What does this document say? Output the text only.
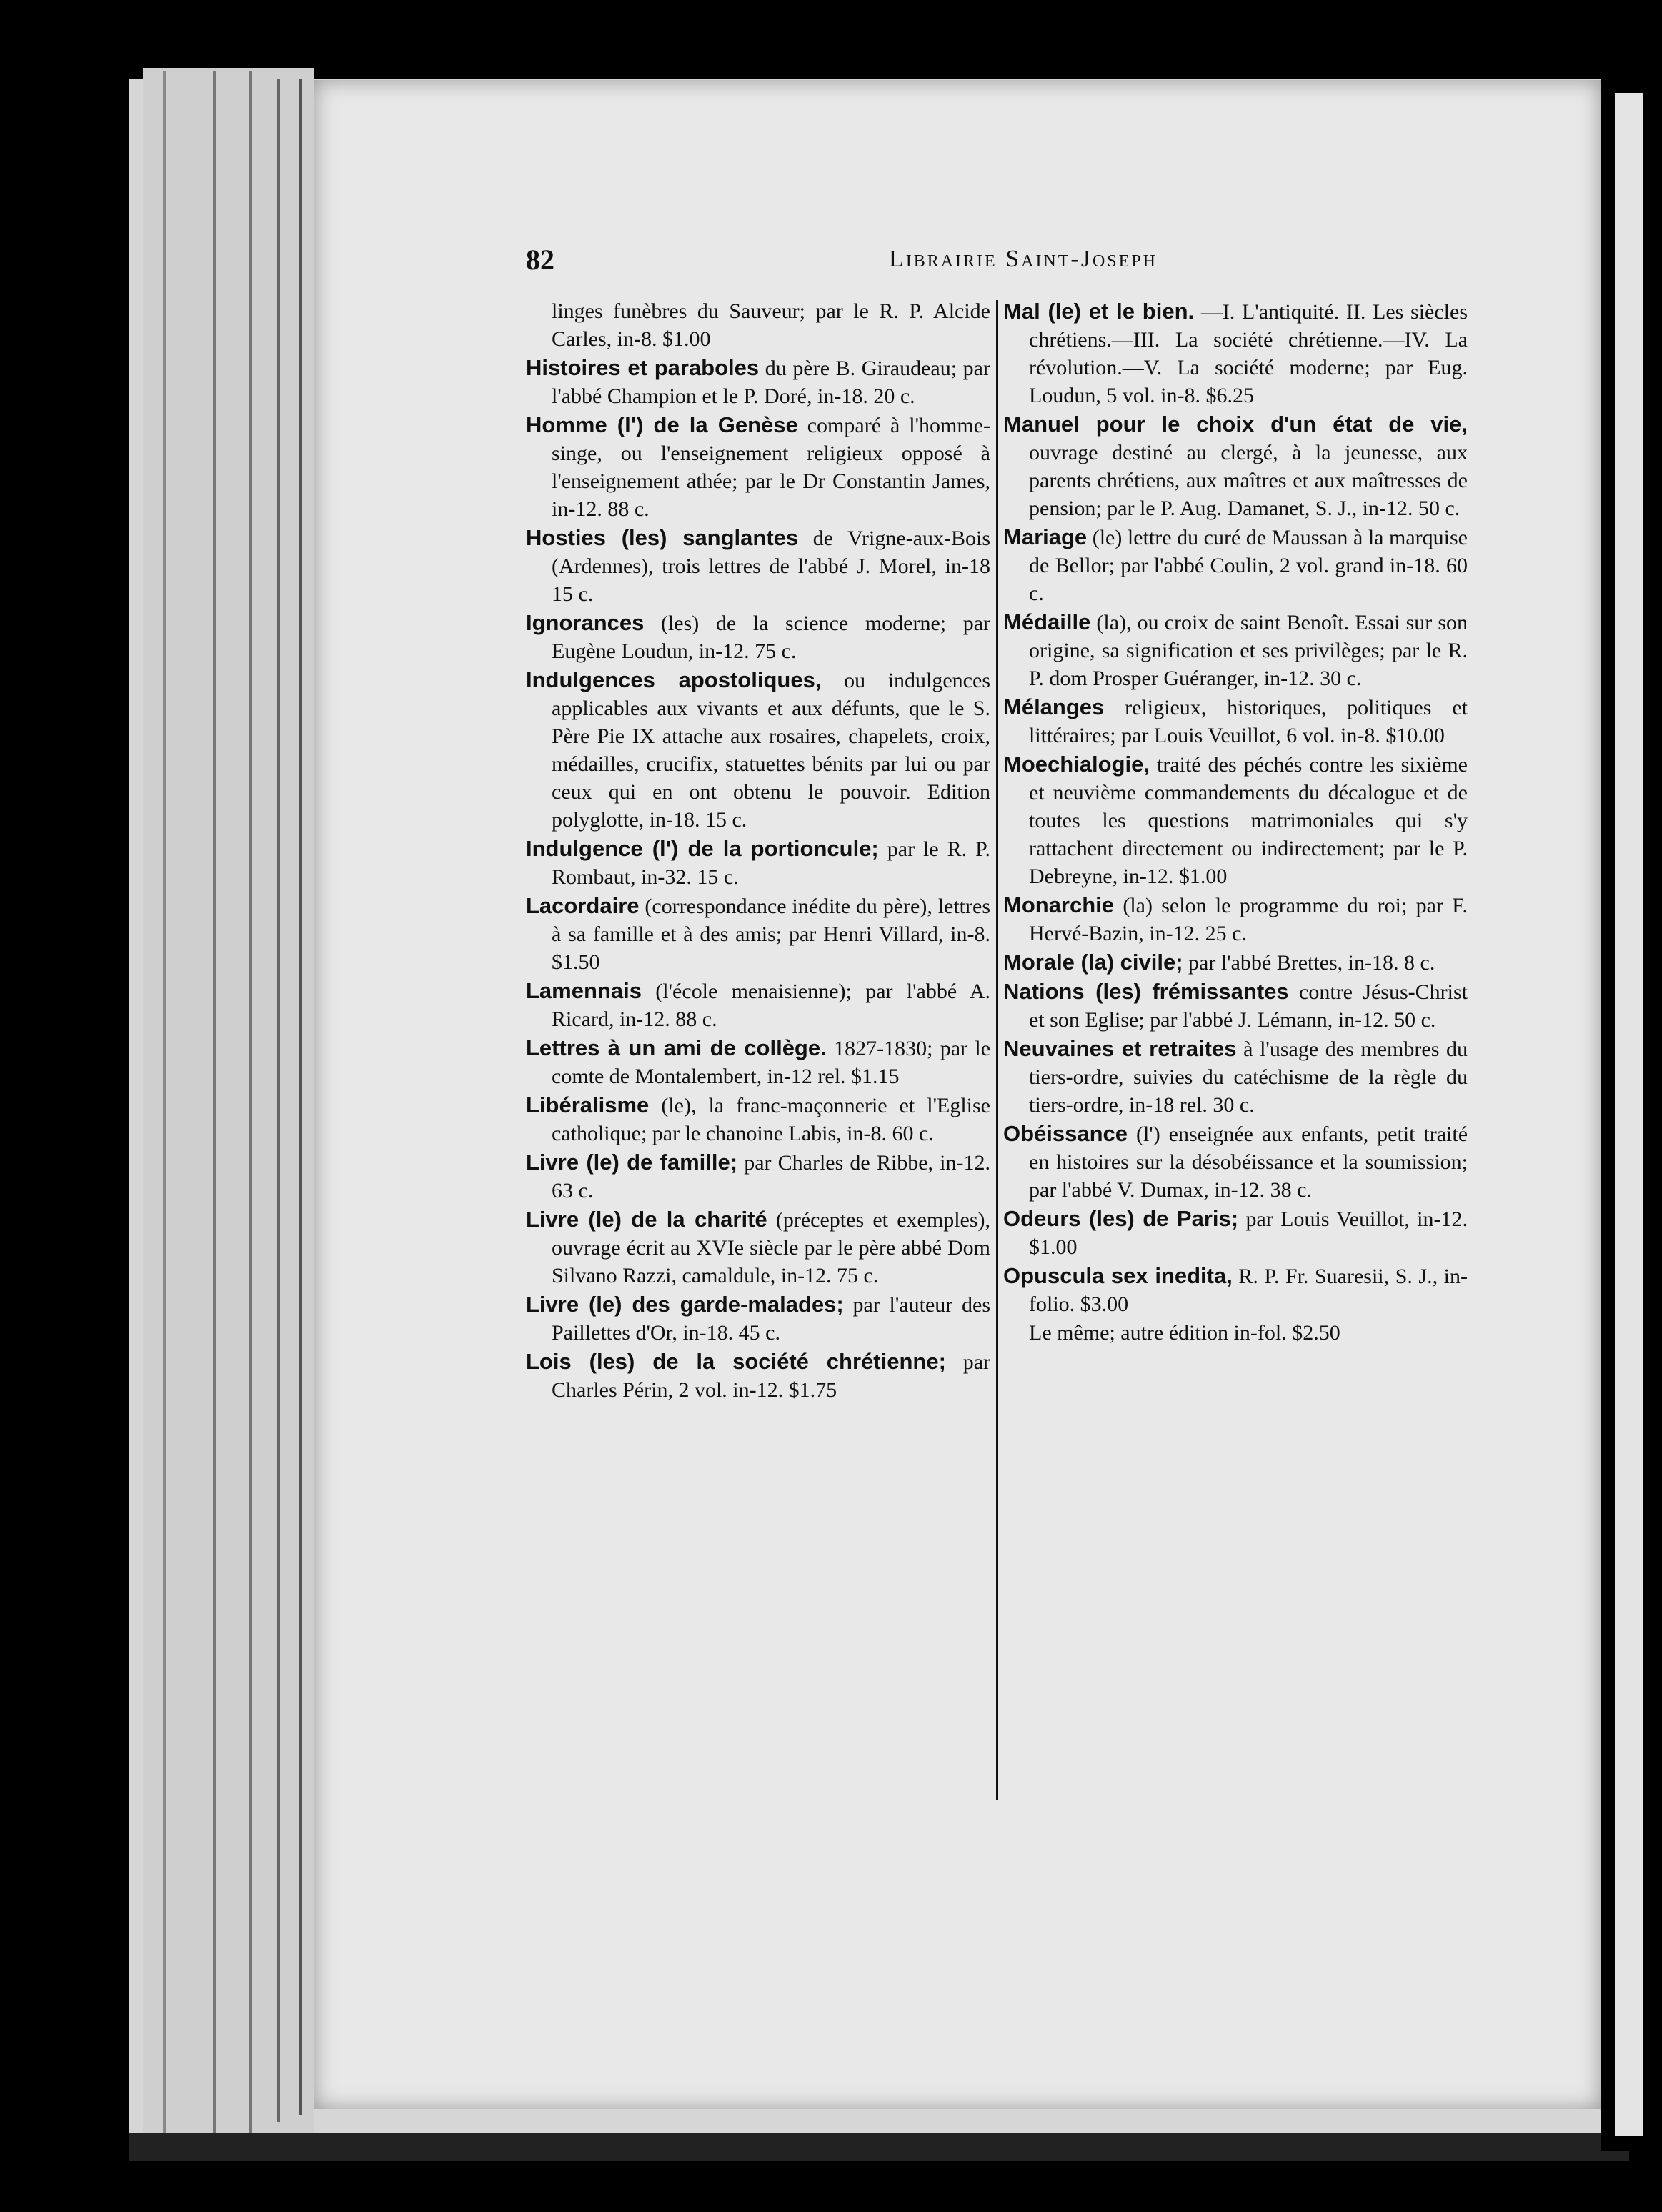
82	Librairie Saint-Joseph

linges funèbres du Sauveur; par le R. P. Alcide Carles, in-8. $1.00

Histoires et paraboles du père B. Giraudeau; par l'abbé Champion et le P. Doré, in-18. 20 c.

Homme (l') de la Genèse comparé à l'homme-singe, ou l'enseignement religieux opposé à l'enseignement athée; par le Dr Constantin James, in-12. 88 c.

Hosties (les) sanglantes de Vrigne-aux-Bois (Ardennes), trois lettres de l'abbé J. Morel, in-18 15 c.

Ignorances (les) de la science moderne; par Eugène Loudun, in-12. 75 c.

Indulgences apostoliques, ou indulgences applicables aux vivants et aux défunts, que le S. Père Pie IX attache aux rosaires, chapelets, croix, médailles, crucifix, statuettes bénits par lui ou par ceux qui en ont obtenu le pouvoir. Edition polyglotte, in-18. 15 c.

Indulgence (l') de la portioncule; par le R. P. Rombaut, in-32. 15 c.

Lacordaire (correspondance inédite du père), lettres à sa famille et à des amis; par Henri Villard, in-8. $1.50

Lamennais (l'école menaisienne); par l'abbé A. Ricard, in-12. 88 c.

Lettres à un ami de collège. 1827-1830; par le comte de Montalembert, in-12 rel. $1.15

Libéralisme (le), la franc-maçonnerie et l'Eglise catholique; par le chanoine Labis, in-8. 60 c.

Livre (le) de famille; par Charles de Ribbe, in-12. 63 c.

Livre (le) de la charité (préceptes et exemples), ouvrage écrit au XVIe siècle par le père abbé Dom Silvano Razzi, camaldule, in-12. 75 c.

Livre (le) des garde-malades; par l'auteur des Paillettes d'Or, in-18. 45 c.

Lois (les) de la société chrétienne; par Charles Périn, 2 vol. in-12. $1.75

Mal (le) et le bien. —I. L'antiquité. II. Les siècles chrétiens.—III. La société chrétienne.—IV. La révolution.—V. La société moderne; par Eug. Loudun, 5 vol. in-8. $6.25

Manuel pour le choix d'un état de vie, ouvrage destiné au clergé, à la jeunesse, aux parents chrétiens, aux maîtres et aux maîtresses de pension; par le P. Aug. Damanet, S. J., in-12. 50 c.

Mariage (le) lettre du curé de Maussan à la marquise de Bellor; par l'abbé Coulin, 2 vol. grand in-18. 60 c.

Médaille (la), ou croix de saint Benoît. Essai sur son origine, sa signification et ses privilèges; par le R. P. dom Prosper Guéranger, in-12. 30 c.

Mélanges religieux, historiques, politiques et littéraires; par Louis Veuillot, 6 vol. in-8. $10.00

Moechialogie, traité des péchés contre les sixième et neuvième commandements du décalogue et de toutes les questions matrimoniales qui s'y rattachent directement ou indirectement; par le P. Debreyne, in-12. $1.00

Monarchie (la) selon le programme du roi; par F. Hervé-Bazin, in-12. 25 c.

Morale (la) civile; par l'abbé Brettes, in-18. 8 c.

Nations (les) frémissantes contre Jésus-Christ et son Eglise; par l'abbé J. Lémann, in-12. 50 c.

Neuvaines et retraites à l'usage des membres du tiers-ordre, suivies du catéchisme de la règle du tiers-ordre, in-18 rel. 30 c.

Obéissance (l') enseignée aux enfants, petit traité en histoires sur la désobéissance et la soumission; par l'abbé V. Dumax, in-12. 38 c.

Odeurs (les) de Paris; par Louis Veuillot, in-12. $1.00

Opuscula sex inedita, R. P. Fr. Suaresii, S. J., in-folio. $3.00

Le même; autre édition in-fol. $2.50
